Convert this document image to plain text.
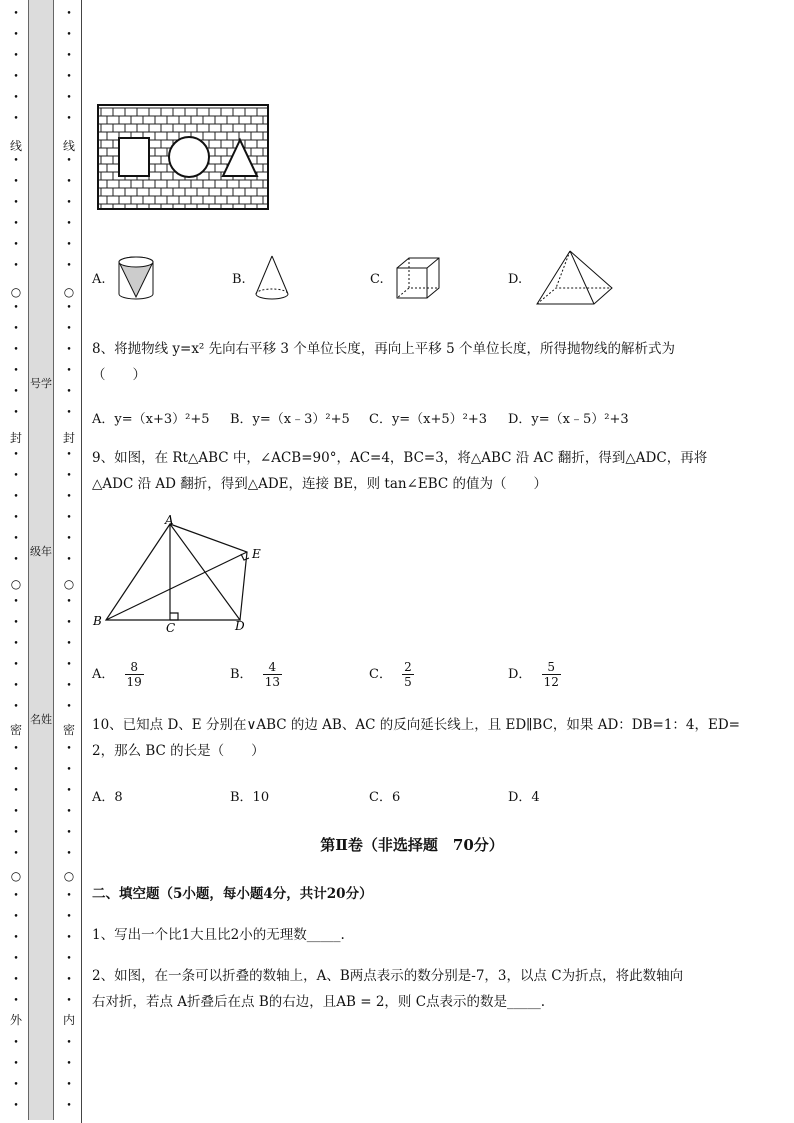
线
封
密
外
○
○
○
•
•
•
•
•
•
•
•
•
•
•
•
•
•
•
•
•
•
•
•
•
•
•
•
•
•
•
•
•
•
•
•
•
•
•
•
•
•
•
•
•
•
•
•
•
•
号学
级年
名姓
线
封
密
内
○
○
○
•
•
•
•
•
•
•
•
•
•
•
•
•
•
•
•
•
•
•
•
•
•
•
•
•
•
•
•
•
•
•
•
•
•
•
•
•
•
•
•
•
•
•
•
•
•
A.	B.	C.	D.
8、将抛物线 y=x² 先向右平移 3 个单位长度，再向上平移 5 个单位长度，所得抛物线的解析式为
（　　）
A．y=（x+3）²+5 B．y=（x﹣3）²+5 C．y=（x+5）²+3 D．y=（x﹣5）²+3
9、如图，在 Rt△ABC 中，∠ACB=90°，AC=4，BC=3，将△ABC 沿 AC 翻折，得到△ADC，再将
△ADC 沿 AD 翻折，得到△ADE，连接 BE，则 tan∠EBC 的值为（　　）
A
B	C	D
E
A． $\frac{8}{19}$	B． $\frac{4}{13}$	C． $\frac{2}{5}$	D． $\frac{5}{12}$
10、已知点 D、E 分别在∨ABC 的边 AB、AC 的反向延长线上，且 ED∥BC，如果 AD：DB=1：4，ED=
2，那么 BC 的长是（　　）
A．8	B．10	C．6	D．4
第Ⅱ卷（非选择题　70分）
二、填空题（5小题，每小题4分，共计20分）
1、写出一个比1大且比2小的无理数_____.
2、如图，在一条可以折叠的数轴上，A、B两点表示的数分别是-7，3，以点 C为折点，将此数轴向
右对折，若点 A折叠后在点 B的右边，且AB = 2，则 C点表示的数是_____.
